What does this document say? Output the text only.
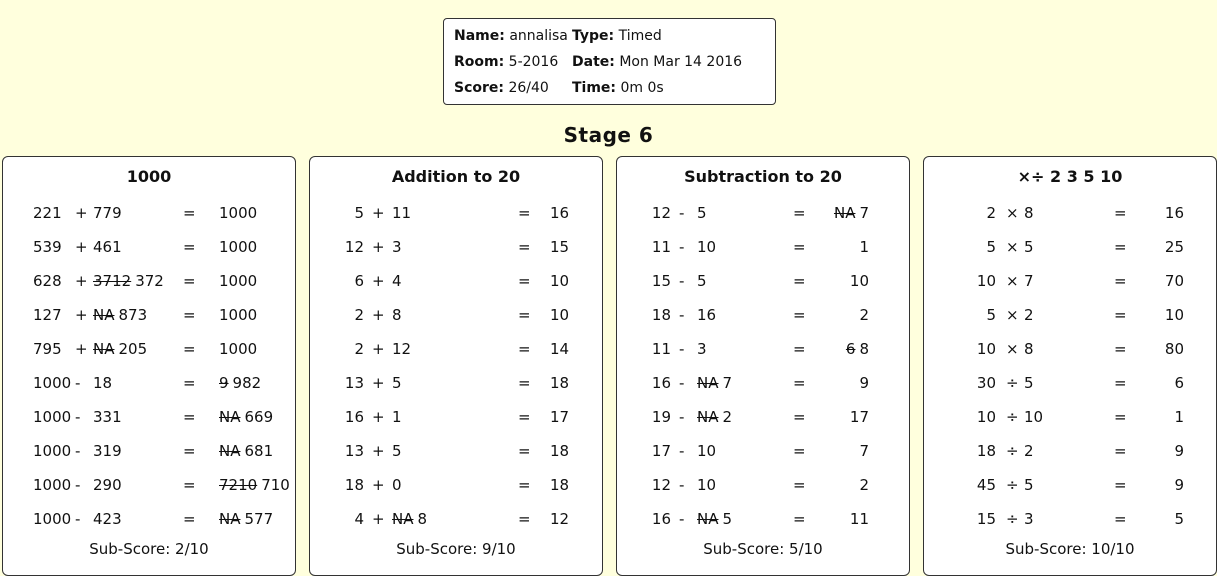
Name: annalisa Type: Timed
Room: 5-2016 Date: Mon Mar 14 2016
Score: 26/40	Time: 0m 0s
Stage 6
1000
221 + 779	= 1000
539 + 461	= 1000
628 + 3712 372 = 1000
127 + NA 873 = 1000
795 + NA 205 = 1000
1000 - 18	= 9 982
1000 - 331	= NA 669
1000 - 319	= NA 681
1000 - 290	= 7210 710
1000 - 423	= NA 577
Sub-Score: 2/10
Addition to 20
5 + 11	= 16
12 + 3	= 15
6 + 4	= 10
2 + 8	= 10
2 + 12	= 14
13 + 5	= 18
16 + 1	= 17
13 + 5	= 18
18 + 0	= 18
4 + NA 8	= 12
Sub-Score: 9/10
Subtraction to 20
12 - 5	=	NA 7
11 - 10	=	1
15 - 5	=	10
18 - 16	=	2
11 - 3	=	6 8
16 - NA 7	=	9
19 - NA 2	=	17
17 - 10	=	7
12 - 10	=	2
16 - NA 5	=	11
Sub-Score: 5/10
×÷ 2 3 5 10
2 × 8	=	16
5 × 5	=	25
10 × 7	=	70
5 × 2	=	10
10 × 8	=	80
30 ÷ 5	=	6
10 ÷ 10	=	1
18 ÷ 2	=	9
45 ÷ 5	=	9
15 ÷ 3	=	5
Sub-Score: 10/10
